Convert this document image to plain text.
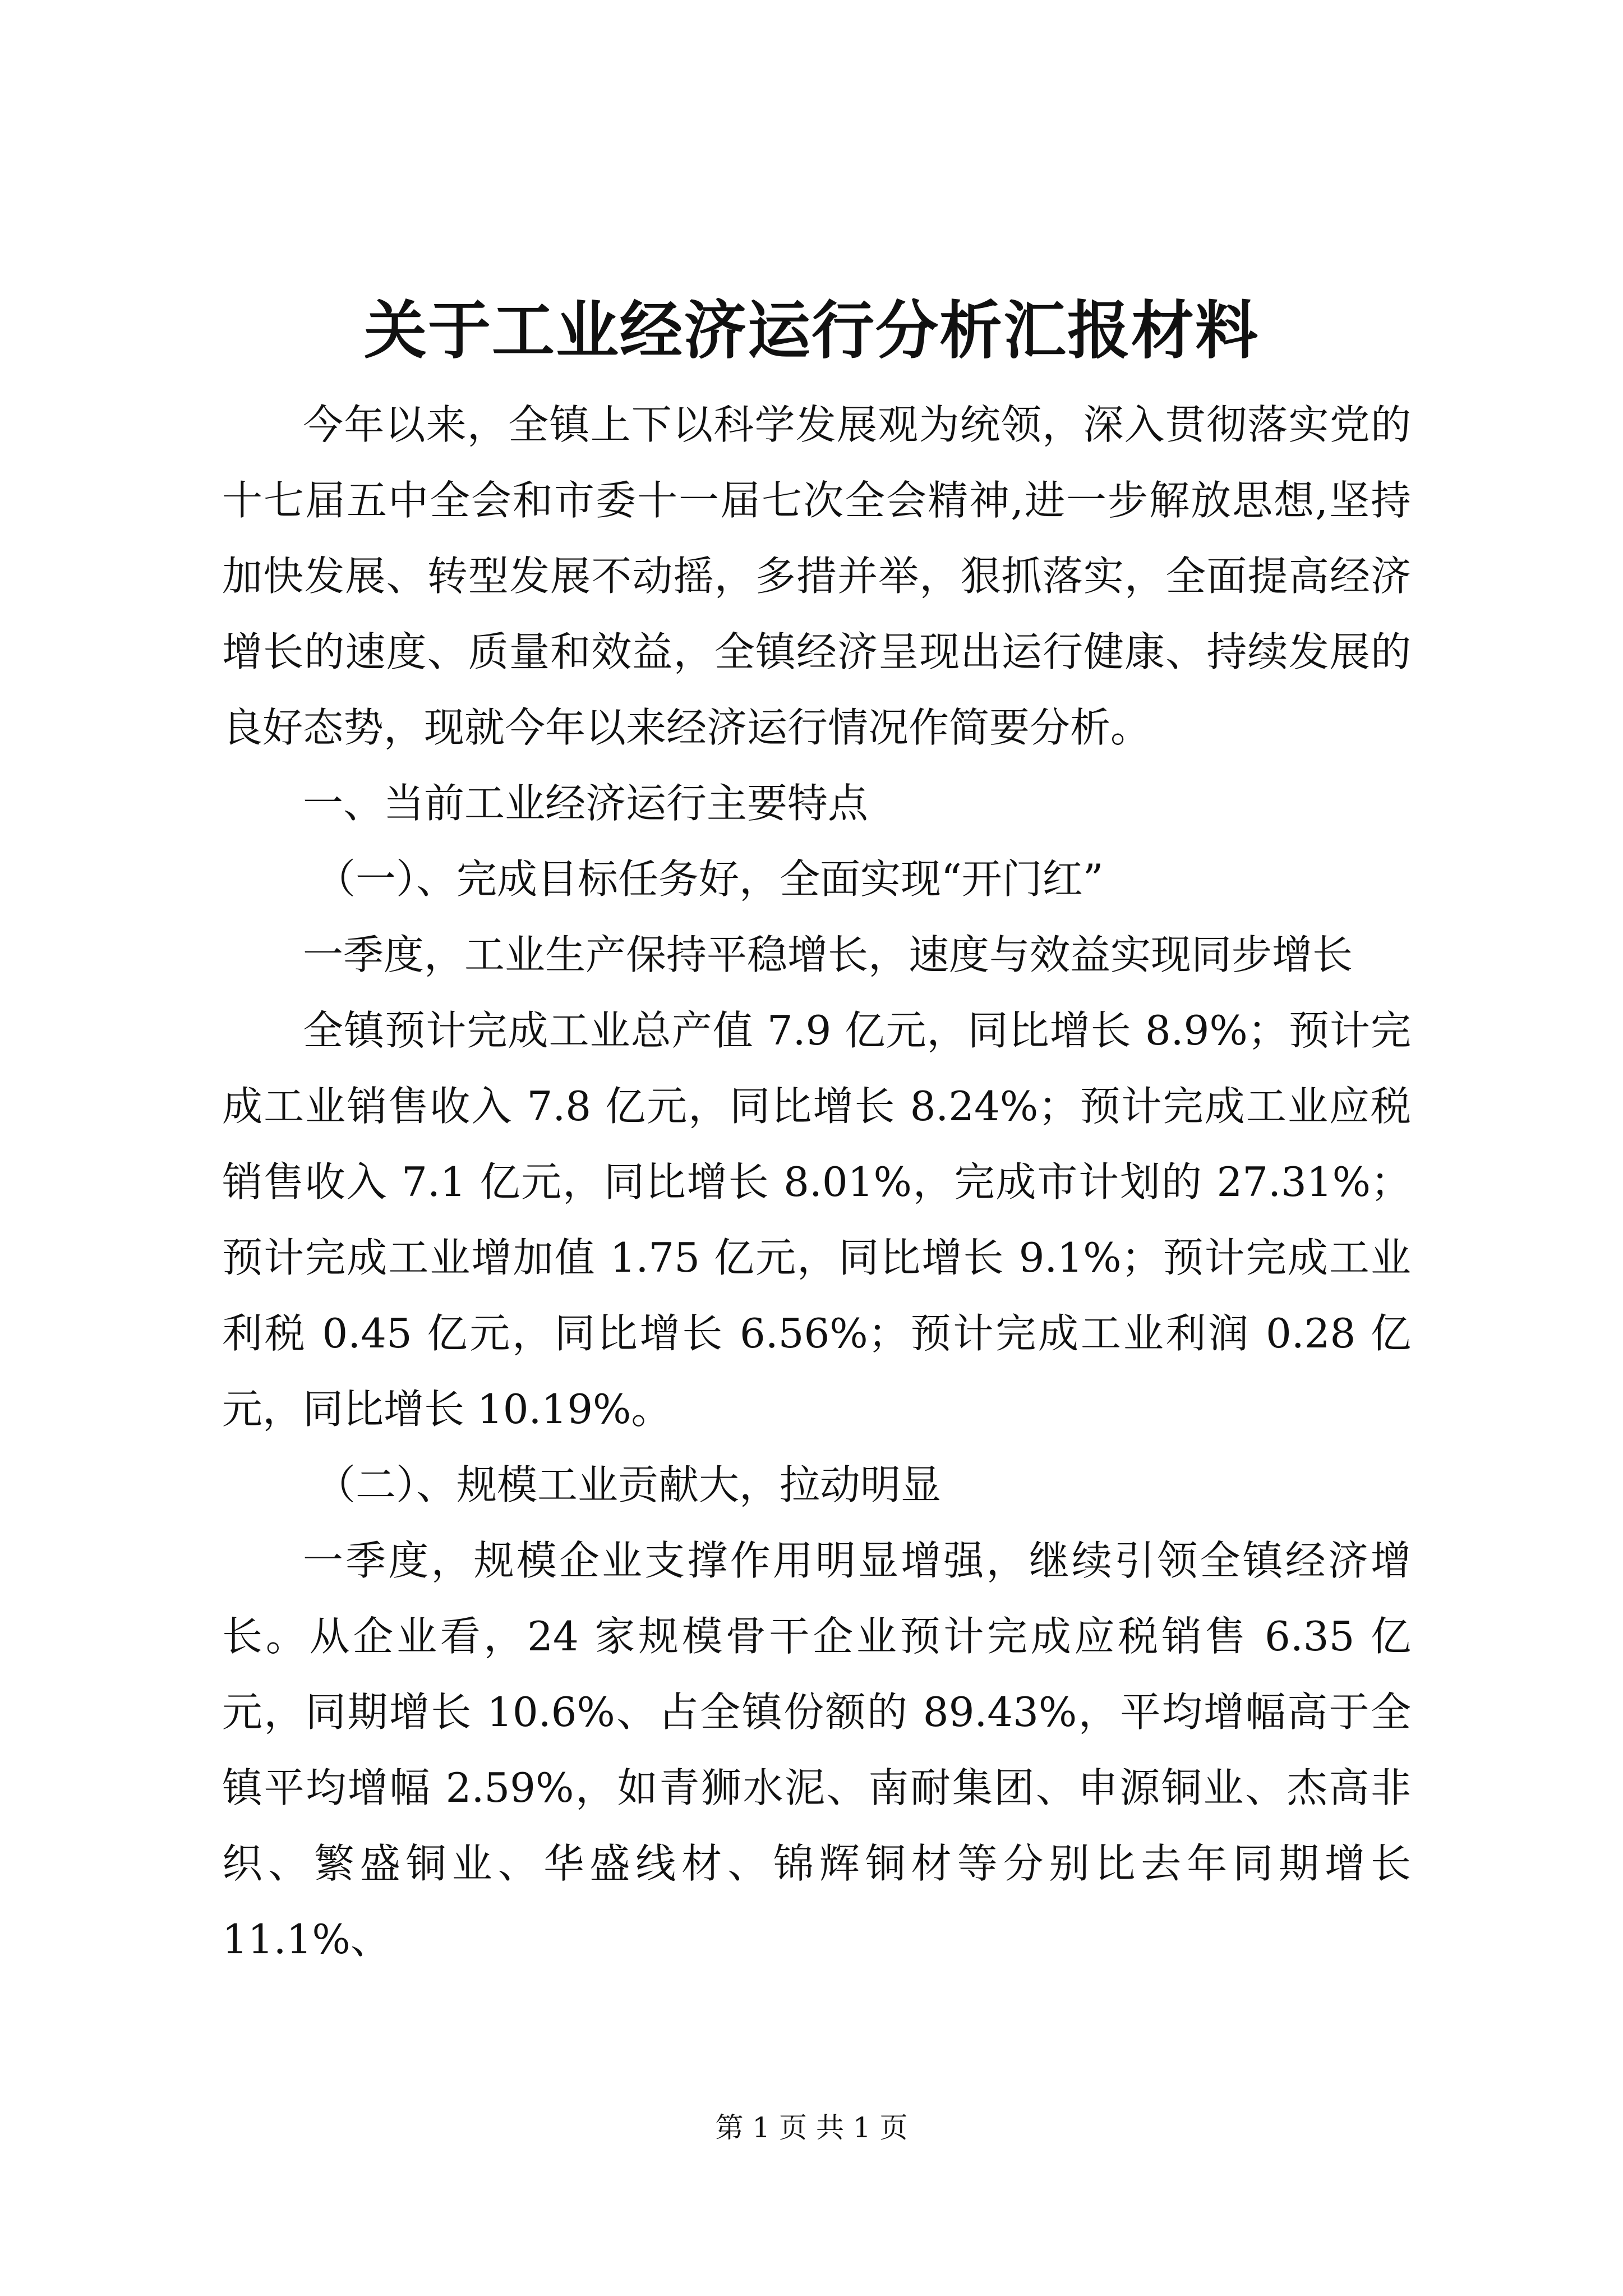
关于工业经济运行分析汇报材料

今年以来，全镇上下以科学发展观为统领，深入贯彻落实党的十七届五中全会和市委十一届七次全会精神,进一步解放思想,坚持加快发展、转型发展不动摇，多措并举，狠抓落实，全面提高经济增长的速度、质量和效益，全镇经济呈现出运行健康、持续发展的良好态势，现就今年以来经济运行情况作简要分析。

一、当前工业经济运行主要特点

（一）、完成目标任务好，全面实现“开门红”

一季度，工业生产保持平稳增长，速度与效益实现同步增长

全镇预计完成工业总产值 7.9 亿元，同比增长 8.9%；预计完成工业销售收入 7.8 亿元，同比增长 8.24%；预计完成工业应税销售收入 7.1 亿元，同比增长 8.01%，完成市计划的 27.31%；预计完成工业增加值 1.75 亿元，同比增长 9.1%；预计完成工业利税 0.45 亿元，同比增长 6.56%；预计完成工业利润 0.28 亿元，同比增长 10.19%。

（二）、规模工业贡献大，拉动明显

一季度，规模企业支撑作用明显增强，继续引领全镇经济增长。从企业看，24 家规模骨干企业预计完成应税销售 6.35 亿元，同期增长 10.6%、占全镇份额的 89.43%，平均增幅高于全镇平均增幅 2.59%，如青狮水泥、南耐集团、申源铜业、杰高非织、繁盛铜业、华盛线材、锦辉铜材等分别比去年同期增长 11.1%、

第 1 页 共 1 页
